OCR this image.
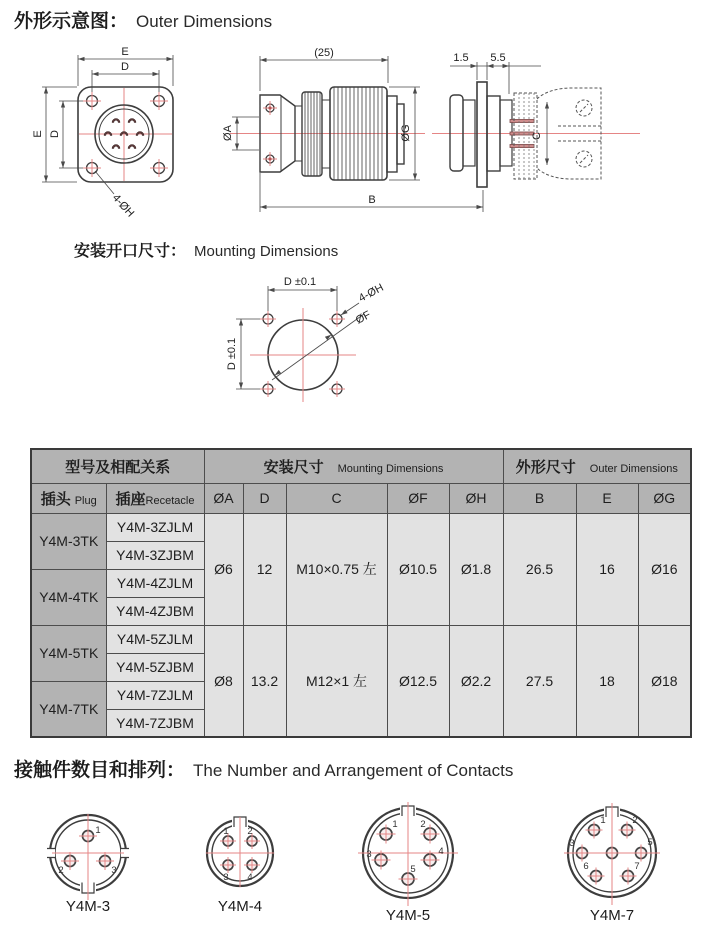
外形示意图： Outer Dimensions
E
D
E D
4-ØH
(25)
ØA	ØG
B
1.5 5.5
C
安装开口尺寸： Mounting Dimensions
D ±0.1
D ±0.1
4-ØH
ØF
型号及相配关系		安装尺寸 Mounting Dimensions					外形尺寸 Outer Dimensions		
插头 Plug	插座Recetacle	ØA	D	C	ØF	ØH	B	E	ØG
Y4M-3TK	Y4M-3ZJLM	Ø6	12	M10×0.75 左	Ø10.5	Ø1.8	26.5	16	Ø16
	Y4M-3ZJBM								
Y4M-4TK	Y4M-4ZJLM								
	Y4M-4ZJBM								
Y4M-5TK	Y4M-5ZJLM	Ø8	13.2	M12×1 左	Ø12.5	Ø2.2	27.5	18	Ø18
	Y4M-5ZJBM								
Y4M-7TK	Y4M-7ZJLM								
	Y4M-7ZJBM								
接触件数目和排列： The Number and Arrangement of Contacts
1
2	3
Y4M-3
1 2
3 4
Y4M-4
1 2
3	4
5
Y4M-5
1	2
3	5
6	7
Y4M-7
